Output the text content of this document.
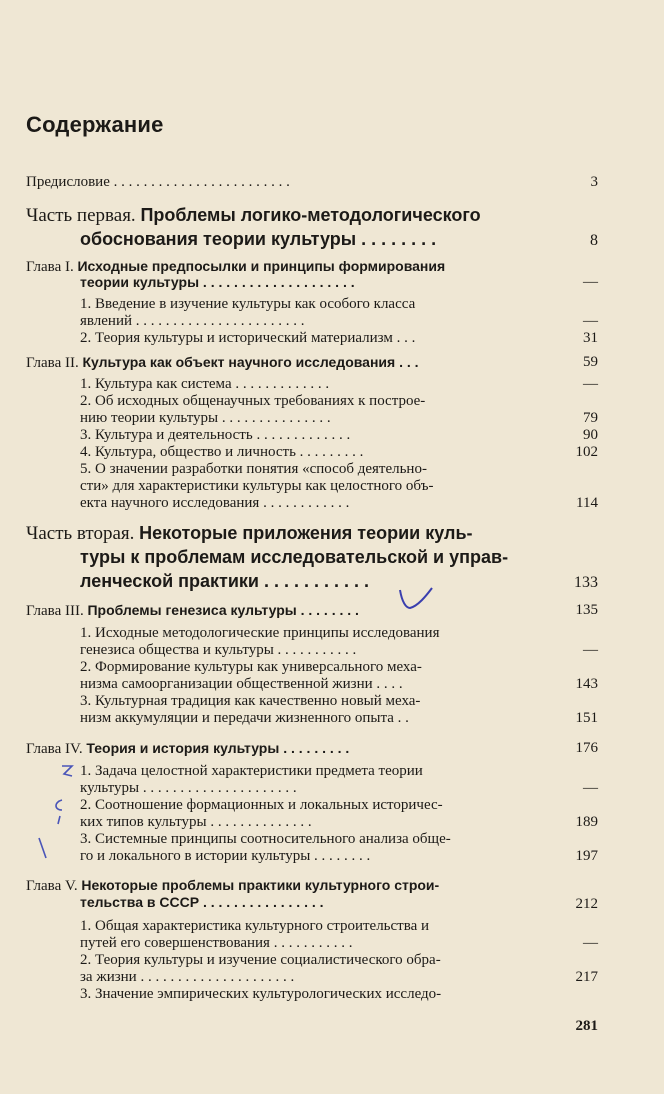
Содержание
Предисловие . . . . . . . . . . . . . . . . . . . . . . . .	3
Часть первая. Проблемы логико-методологического
обоснования теории культуры . . . . . . . .	8
Глава I. Исходные предпосылки и принципы формирования
теории культуры . . . . . . . . . . . . . . . . . . . .	—
1. Введение в изучение культуры как особого класса
явлений . . . . . . . . . . . . . . . . . . . . . . .	—
2. Теория культуры и исторический материализм . . .	31
Глава II. Культура как объект научного исследования . . .	59
1. Культура как система . . . . . . . . . . . . .	—
2. Об исходных общенаучных требованиях к построе-
нию теории культуры . . . . . . . . . . . . . . .	79
3. Культура и деятельность . . . . . . . . . . . . .	90
4. Культура, общество и личность . . . . . . . . .	102
5. О значении разработки понятия «способ деятельно-
сти» для характеристики культуры как целостного объ-
екта научного исследования . . . . . . . . . . . .	114
Часть вторая. Некоторые приложения теории куль-
туры к проблемам исследовательской и управ-
ленческой практики . . . . . . . . . . .	133
Глава III. Проблемы генезиса культуры . . . . . . . .	135
1. Исходные методологические принципы исследования
генезиса общества и культуры . . . . . . . . . . .	—
2. Формирование культуры как универсального меха-
низма самоорганизации общественной жизни . . . .	143
3. Культурная традиция как качественно новый меха-
низм аккумуляции и передачи жизненного опыта . .	151
Глава IV. Теория и история культуры . . . . . . . . .	176
1. Задача целостной характеристики предмета теории
культуры . . . . . . . . . . . . . . . . . . . . .	—
2. Соотношение формационных и локальных историчес-
ких типов культуры . . . . . . . . . . . . . .	189
3. Системные принципы соотносительного анализа обще-
го и локального в истории культуры . . . . . . . .	197
Глава V. Некоторые проблемы практики культурного строи-
тельства в СССР . . . . . . . . . . . . . . . .	212
1. Общая характеристика культурного строительства и
путей его совершенствования . . . . . . . . . . .	—
2. Теория культуры и изучение социалистического обра-
за жизни . . . . . . . . . . . . . . . . . . . . .	217
3. Значение эмпирических культурологических исследо-
281
